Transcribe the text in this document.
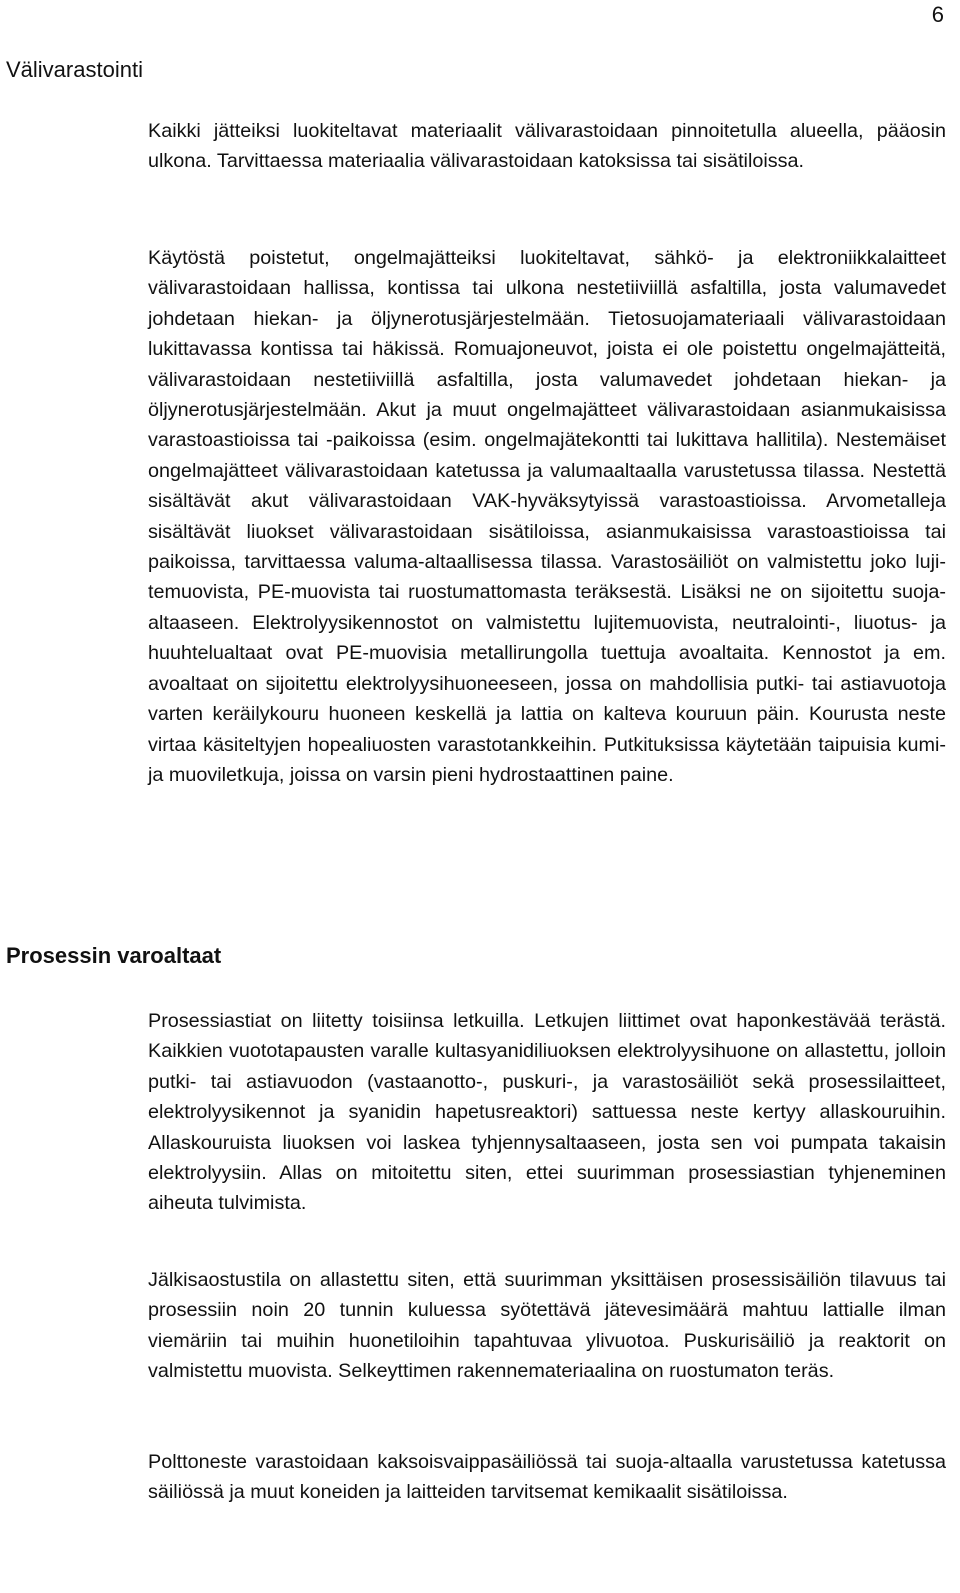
6
Välivarastointi

Kaikki jätteiksi luokiteltavat materiaalit välivarastoidaan pinnoitetulla alueella, pääosin ulkona. Tarvittaessa materiaalia välivarastoidaan katoksissa tai sisätiloissa.

Käytöstä poistetut, ongelmajätteiksi luokiteltavat, sähkö- ja elektroniikkalaitteet välivarastoidaan hallissa, kontissa tai ulkona nestetiiviillä asfaltilla, josta valumavedet johdetaan hiekan- ja öljynerotusjärjestelmään. Tietosuojamateriaali välivarastoidaan lukittavassa kontissa tai häkissä. Romuajoneuvot, joista ei ole poistettu ongelmajätteitä, välivarastoidaan nestetiiviillä asfaltilla, josta valumavedet johdetaan hiekan- ja öljynerotusjärjestelmään. Akut ja muut ongelmajätteet välivarastoidaan asianmukaisissa varastoastioissa tai -paikoissa (esim. ongelmajätekontti tai lukittava hallitila). Nestemäiset ongelmajätteet välivarastoidaan katetussa ja valumaaltaalla varustetussa tilassa. Nestettä sisältävät akut välivarastoidaan VAK-hyväksytyissä varastoastioissa. Arvometalleja sisältävät liuokset välivarastoidaan sisätiloissa, asianmukaisissa varastoastioissa tai paikoissa, tarvittaessa valuma-altaallisessa tilassa. Varastosäiliöt on valmistettu joko lujitemuovista, PE-muovista tai ruostumattomasta teräksestä. Lisäksi ne on sijoitettu suoja-altaaseen. Elektrolyysikennostot on valmistettu lujitemuovista, neutralointi-, liuotus- ja huuhtelualtaat ovat PE-muovisia metallirungolla tuettuja avoaltaita. Kennostot ja em. avoaltaat on sijoitettu elektrolyysihuoneeseen, jossa on mahdollisia putki- tai astiavuotoja varten keräilykouru huoneen keskellä ja lattia on kalteva kouruun päin. Kourusta neste virtaa käsiteltyjen hopealiuosten varastotankkeihin. Putkituksissa käytetään taipuisia kumi- ja muoviletkuja, joissa on varsin pieni hydrostaattinen paine.

Prosessin varoaltaat

Prosessiastiat on liitetty toisiinsa letkuilla. Letkujen liittimet ovat haponkestävää terästä. Kaikkien vuototapausten varalle kultasyanidiliuoksen elektrolyysihuone on allastettu, jolloin putki- tai astiavuodon (vastaanotto-, puskuri-, ja varastosäiliöt sekä prosessilaitteet, elektrolyysikennot ja syanidin hapetusreaktori) sattuessa neste kertyy allaskouruihin. Allaskouruista liuoksen voi laskea tyhjennysaltaaseen, josta sen voi pumpata takaisin elektrolyysiin. Allas on mitoitettu siten, ettei suurimman prosessiastian tyhjeneminen aiheuta tulvimista.

Jälkisaostustila on allastettu siten, että suurimman yksittäisen prosessisäiliön tilavuus tai prosessiin noin 20 tunnin kuluessa syötettävä jätevesimäärä mahtuu lattialle ilman viemäriin tai muihin huonetiloihin tapahtuvaa ylivuotoa. Puskurisäiliö ja reaktorit on valmistettu muovista. Selkeyttimen rakennemateriaalina on ruostumaton teräs.

Polttoneste varastoidaan kaksoisvaippasäiliössä tai suoja-altaalla varustetussa katetussa säiliössä ja muut koneiden ja laitteiden tarvitsemat kemikaalit sisätiloissa.
